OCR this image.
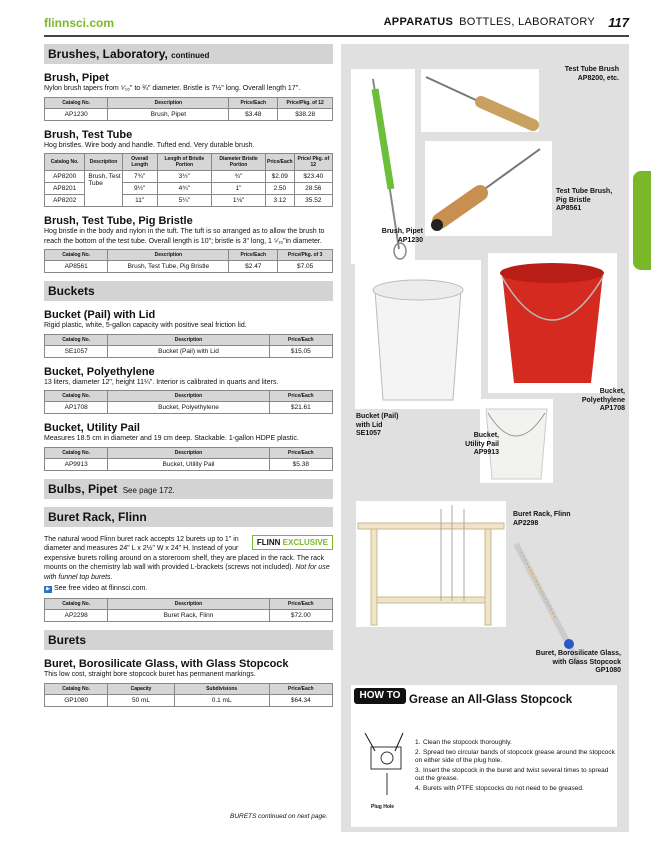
flinnsci.com	APPARATUS BOTTLES, LABORATORY 117
Brushes, Laboratory, continued
Brush, Pipet
Nylon brush tapers from ⁵⁄₁₆" to ¾" diameter. Bristle is 7½" long. Overall length 17".
Catalog No.	Description	Price/Each	Price/Pkg. of 12
AP1230	Brush, Pipet	$3.48	$38.28
Brush, Test Tube
Hog bristles. Wire body and handle. Tufted end. Very durable brush.
Catalog No.	Description	Overall Length	Length of Bristle Portion	Diameter Bristle Portion	Price/Each	Price/ Pkg. of 12
AP8200	Brush, Test Tube	7¾"	3½"	¾"	$2.09	$23.40
AP8201		9½"	4¾"	1"	2.50	28.56
AP8202		11"	5¼"	1⅛"	3.12	35.52
Brush, Test Tube, Pig Bristle
Hog bristle in the body and nylon in the tuft. The tuft is so arranged as to allow the brush to reach the bottom of the test tube. Overall length is 10"; bristle is 3" long, 1 ⁵⁄₁₆"in diameter.
Catalog No.	Description	Price/Each	Price/Pkg. of 3
AP8561	Brush, Test Tube, Pig Bristle	$2.47	$7.05
Buckets
Bucket (Pail) with Lid
Rigid plastic, white, 5-gallon capacity with positive seal friction lid.
Catalog No.	Description	Price/Each
SE1057	Bucket (Pail) with Lid	$15.05
Bucket, Polyethylene
13 liters, diameter 12", height 11¼". Interior is calibrated in quarts and liters.
Catalog No.	Description	Price/Each
AP1708	Bucket, Polyethylene	$21.61
Bucket, Utility Pail
Measures 18.5 cm in diameter and 19 cm deep. Stackable. 1-gallon HDPE plastic.
Catalog No.	Description	Price/Each
AP9913	Bucket, Utility Pail	$5.38
Bulbs, Pipet See page 172.
Buret Rack, Flinn
FLINN EXCLUSIVE
The natural wood Flinn buret rack accepts 12 burets up to 1" in diameter and measures 24" L x 2½" W x 24" H. Instead of your expensive burets rolling around on a storeroom shelf, they are placed in the rack. The rack mounts on the chemistry lab wall with provided L-brackets (screws not included). Not for use with funnel top burets.
▶ See free video at flinnsci.com.
Catalog No.	Description	Price/Each
AP2298	Buret Rack, Flinn	$72.00
Burets
Buret, Borosilicate Glass, with Glass Stopcock
This low cost, straight bore stopcock buret has permanent markings.
Catalog No.	Capacity	Subdivisions	Price/Each
GP1080	50 mL	0.1 mL	$64.34
BURETS continued on next page.
Test Tube Brush
AP8200, etc.
Test Tube Brush,
Pig Bristle
AP8561
Brush, Pipet
AP1230
Bucket (Pail)
with Lid
SE1057	Bucket,
Utility Pail
AP9913
Bucket,
Polyethylene
AP1708
Buret Rack, Flinn
AP2298
Buret, Borosilicate Glass,
with Glass Stopcock
GP1080
HOW TO Grease an All-Glass Stopcock
Plug Hole
1. Clean the stopcock thoroughly.
2. Spread two circular bands of stopcock grease around the stopcock on either side of the plug hole.
3. Insert the stopcock in the buret and twist several times to spread out the grease.
4. Burets with PTFE stopcocks do not need to be greased.
